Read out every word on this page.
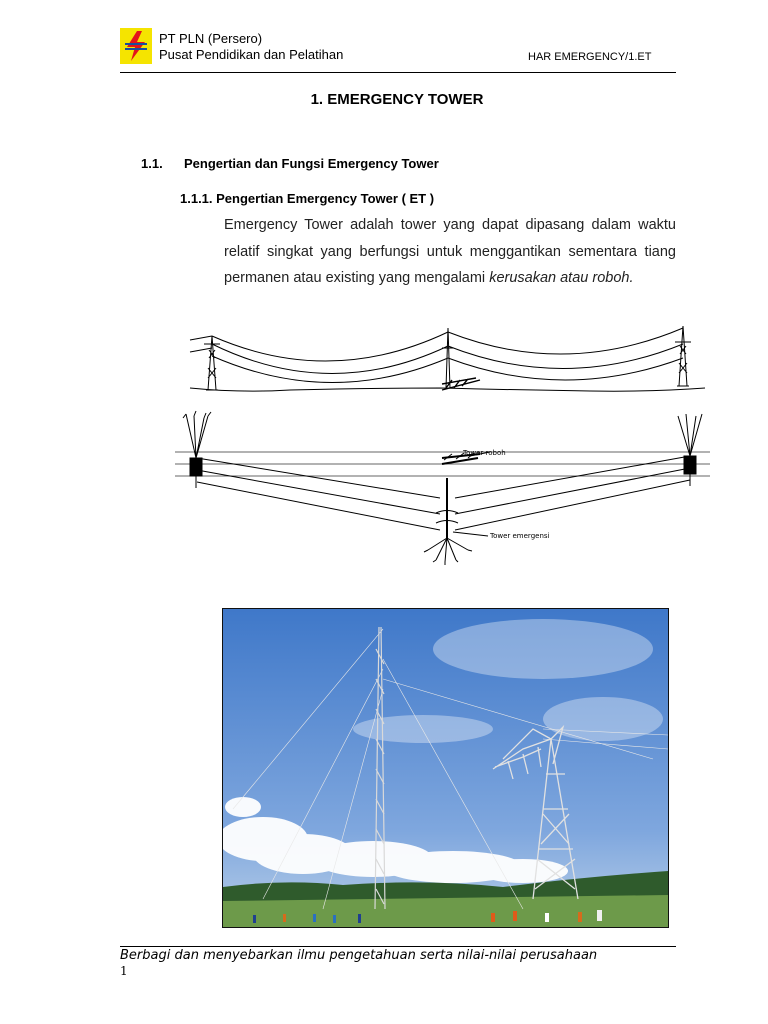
PT PLN (Persero)
Pusat Pendidikan dan Pelatihan	HAR EMERGENCY/1.ET
1. EMERGENCY TOWER
1.1. Pengertian dan Fungsi Emergency Tower
1.1.1. Pengertian Emergency Tower ( ET )
Emergency Tower adalah tower yang dapat dipasang dalam waktu relatif singkat yang berfungsi untuk menggantikan sementara tiang permanen atau existing yang mengalami kerusakan atau roboh.
Tower roboh
Tower emergensi
Berbagi dan menyebarkan ilmu pengetahuan serta nilai-nilai perusahaan
1
